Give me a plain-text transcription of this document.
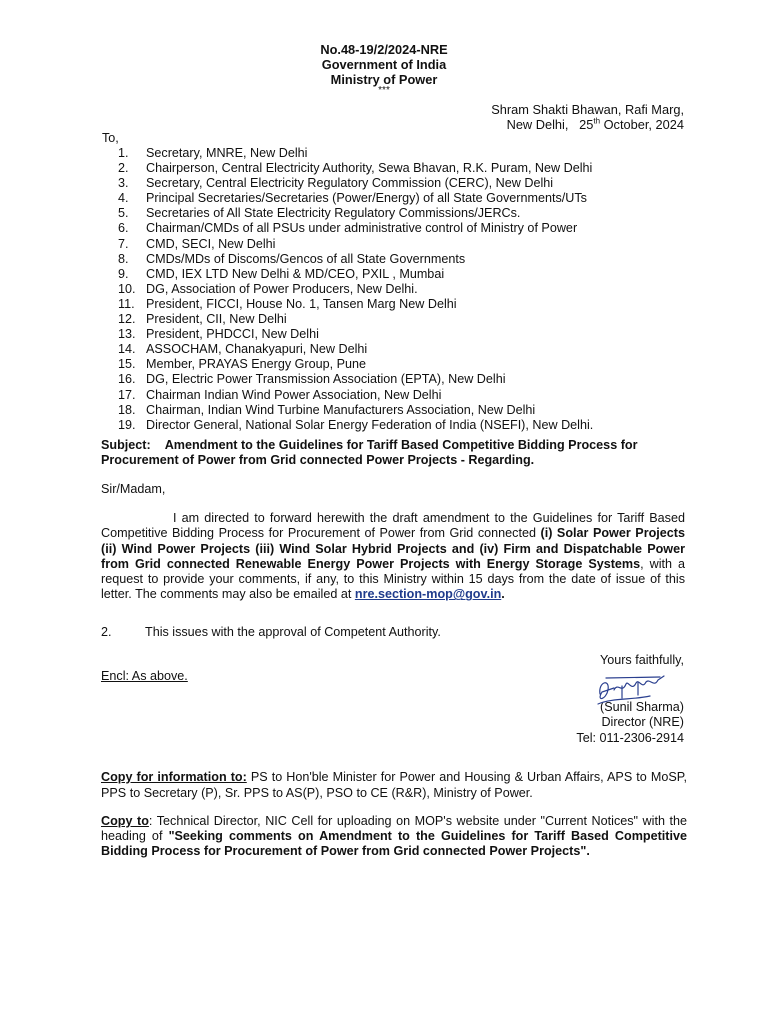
No.48-19/2/2024-NRE
Government of India
Ministry of Power
***
Shram Shakti Bhawan, Rafi Marg,
New Delhi, 25th October, 2024
To,
1.	Secretary, MNRE, New Delhi
2.	Chairperson, Central Electricity Authority, Sewa Bhavan, R.K. Puram, New Delhi
3.	Secretary, Central Electricity Regulatory Commission (CERC), New Delhi
4.	Principal Secretaries/Secretaries (Power/Energy) of all State Governments/UTs
5.	Secretaries of All State Electricity Regulatory Commissions/JERCs.
6.	Chairman/CMDs of all PSUs under administrative control of Ministry of Power
7.	CMD, SECI, New Delhi
8.	CMDs/MDs of Discoms/Gencos of all State Governments
9.	CMD, IEX LTD New Delhi & MD/CEO, PXIL , Mumbai
10. DG, Association of Power Producers, New Delhi.
11. President, FICCI, House No. 1, Tansen Marg New Delhi
12. President, CII, New Delhi
13. President, PHDCCI, New Delhi
14. ASSOCHAM, Chanakyapuri, New Delhi
15. Member, PRAYAS Energy Group, Pune
16. DG, Electric Power Transmission Association (EPTA), New Delhi
17. Chairman Indian Wind Power Association, New Delhi
18. Chairman, Indian Wind Turbine Manufacturers Association, New Delhi
19. Director General, National Solar Energy Federation of India (NSEFI), New Delhi.
Subject: Amendment to the Guidelines for Tariff Based Competitive Bidding Process for Procurement of Power from Grid connected Power Projects - Regarding.
Sir/Madam,
I am directed to forward herewith the draft amendment to the Guidelines for Tariff Based Competitive Bidding Process for Procurement of Power from Grid connected (i) Solar Power Projects (ii) Wind Power Projects (iii) Wind Solar Hybrid Projects and (iv) Firm and Dispatchable Power from Grid connected Renewable Energy Power Projects with Energy Storage Systems, with a request to provide your comments, if any, to this Ministry within 15 days from the date of issue of this letter. The comments may also be emailed at nre.section-mop@gov.in.
2.	This issues with the approval of Competent Authority.
Encl: As above.
Yours faithfully,
(Sunil Sharma)
Director (NRE)
Tel: 011-2306-2914
Copy for information to: PS to Hon'ble Minister for Power and Housing & Urban Affairs, APS to MoSP, PPS to Secretary (P), Sr. PPS to AS(P), PSO to CE (R&R), Ministry of Power.
Copy to: Technical Director, NIC Cell for uploading on MOP's website under "Current Notices" with the heading of "Seeking comments on Amendment to the Guidelines for Tariff Based Competitive Bidding Process for Procurement of Power from Grid connected Power Projects".
